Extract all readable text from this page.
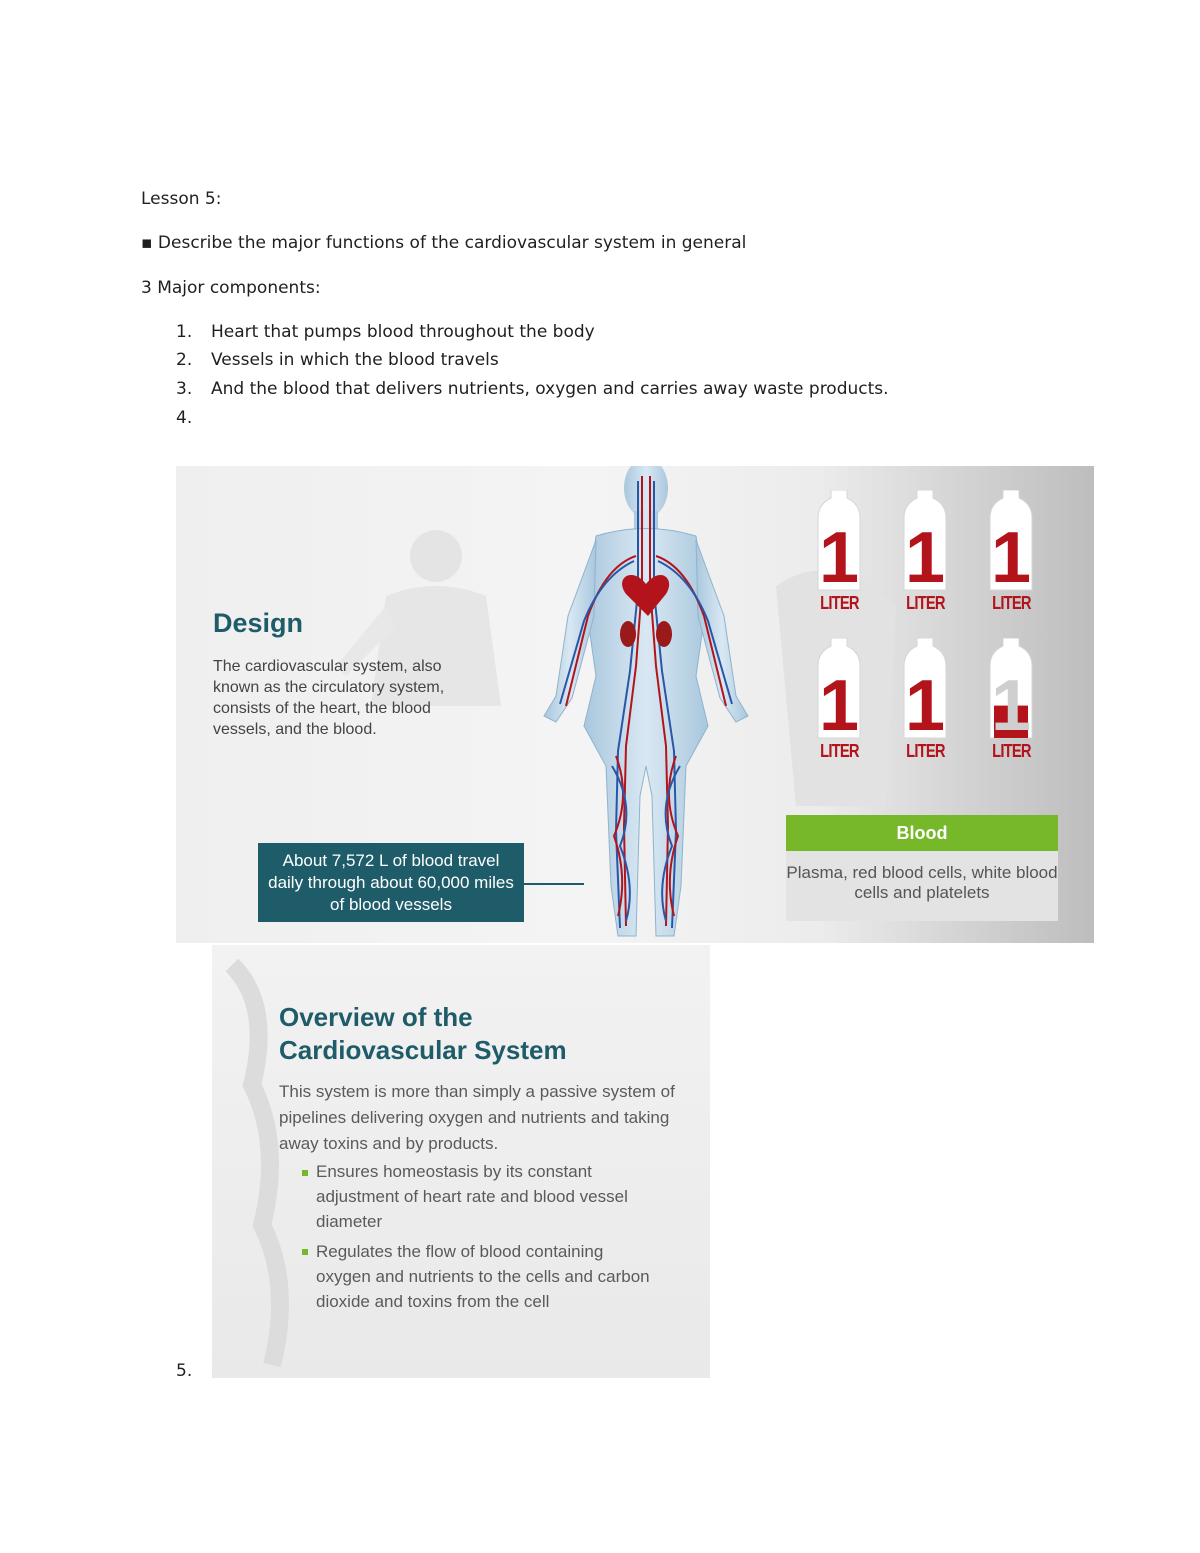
Lesson 5:
▪ Describe the major functions of the cardiovascular system in general
3 Major components:
1. Heart that pumps blood throughout the body
2. Vessels in which the blood travels
3. And the blood that delivers nutrients, oxygen and carries away waste products.
4.
5.
Design
The cardiovascular system, also known as the circulatory system, consists of the heart, the blood vessels, and the blood.
About 7,572 L of blood travel daily through about 60,000 miles of blood vessels
1
LITER
1
LITER
1
LITER
1
LITER
1
LITER
1
LITER
Blood
Plasma, red blood cells, white blood cells and platelets
Overview of the Cardiovascular System
This system is more than simply a passive system of pipelines delivering oxygen and nutrients and taking away toxins and by products.
Ensures homeostasis by its constant adjustment of heart rate and blood vessel diameter
Regulates the flow of blood containing oxygen and nutrients to the cells and carbon dioxide and toxins from the cell
